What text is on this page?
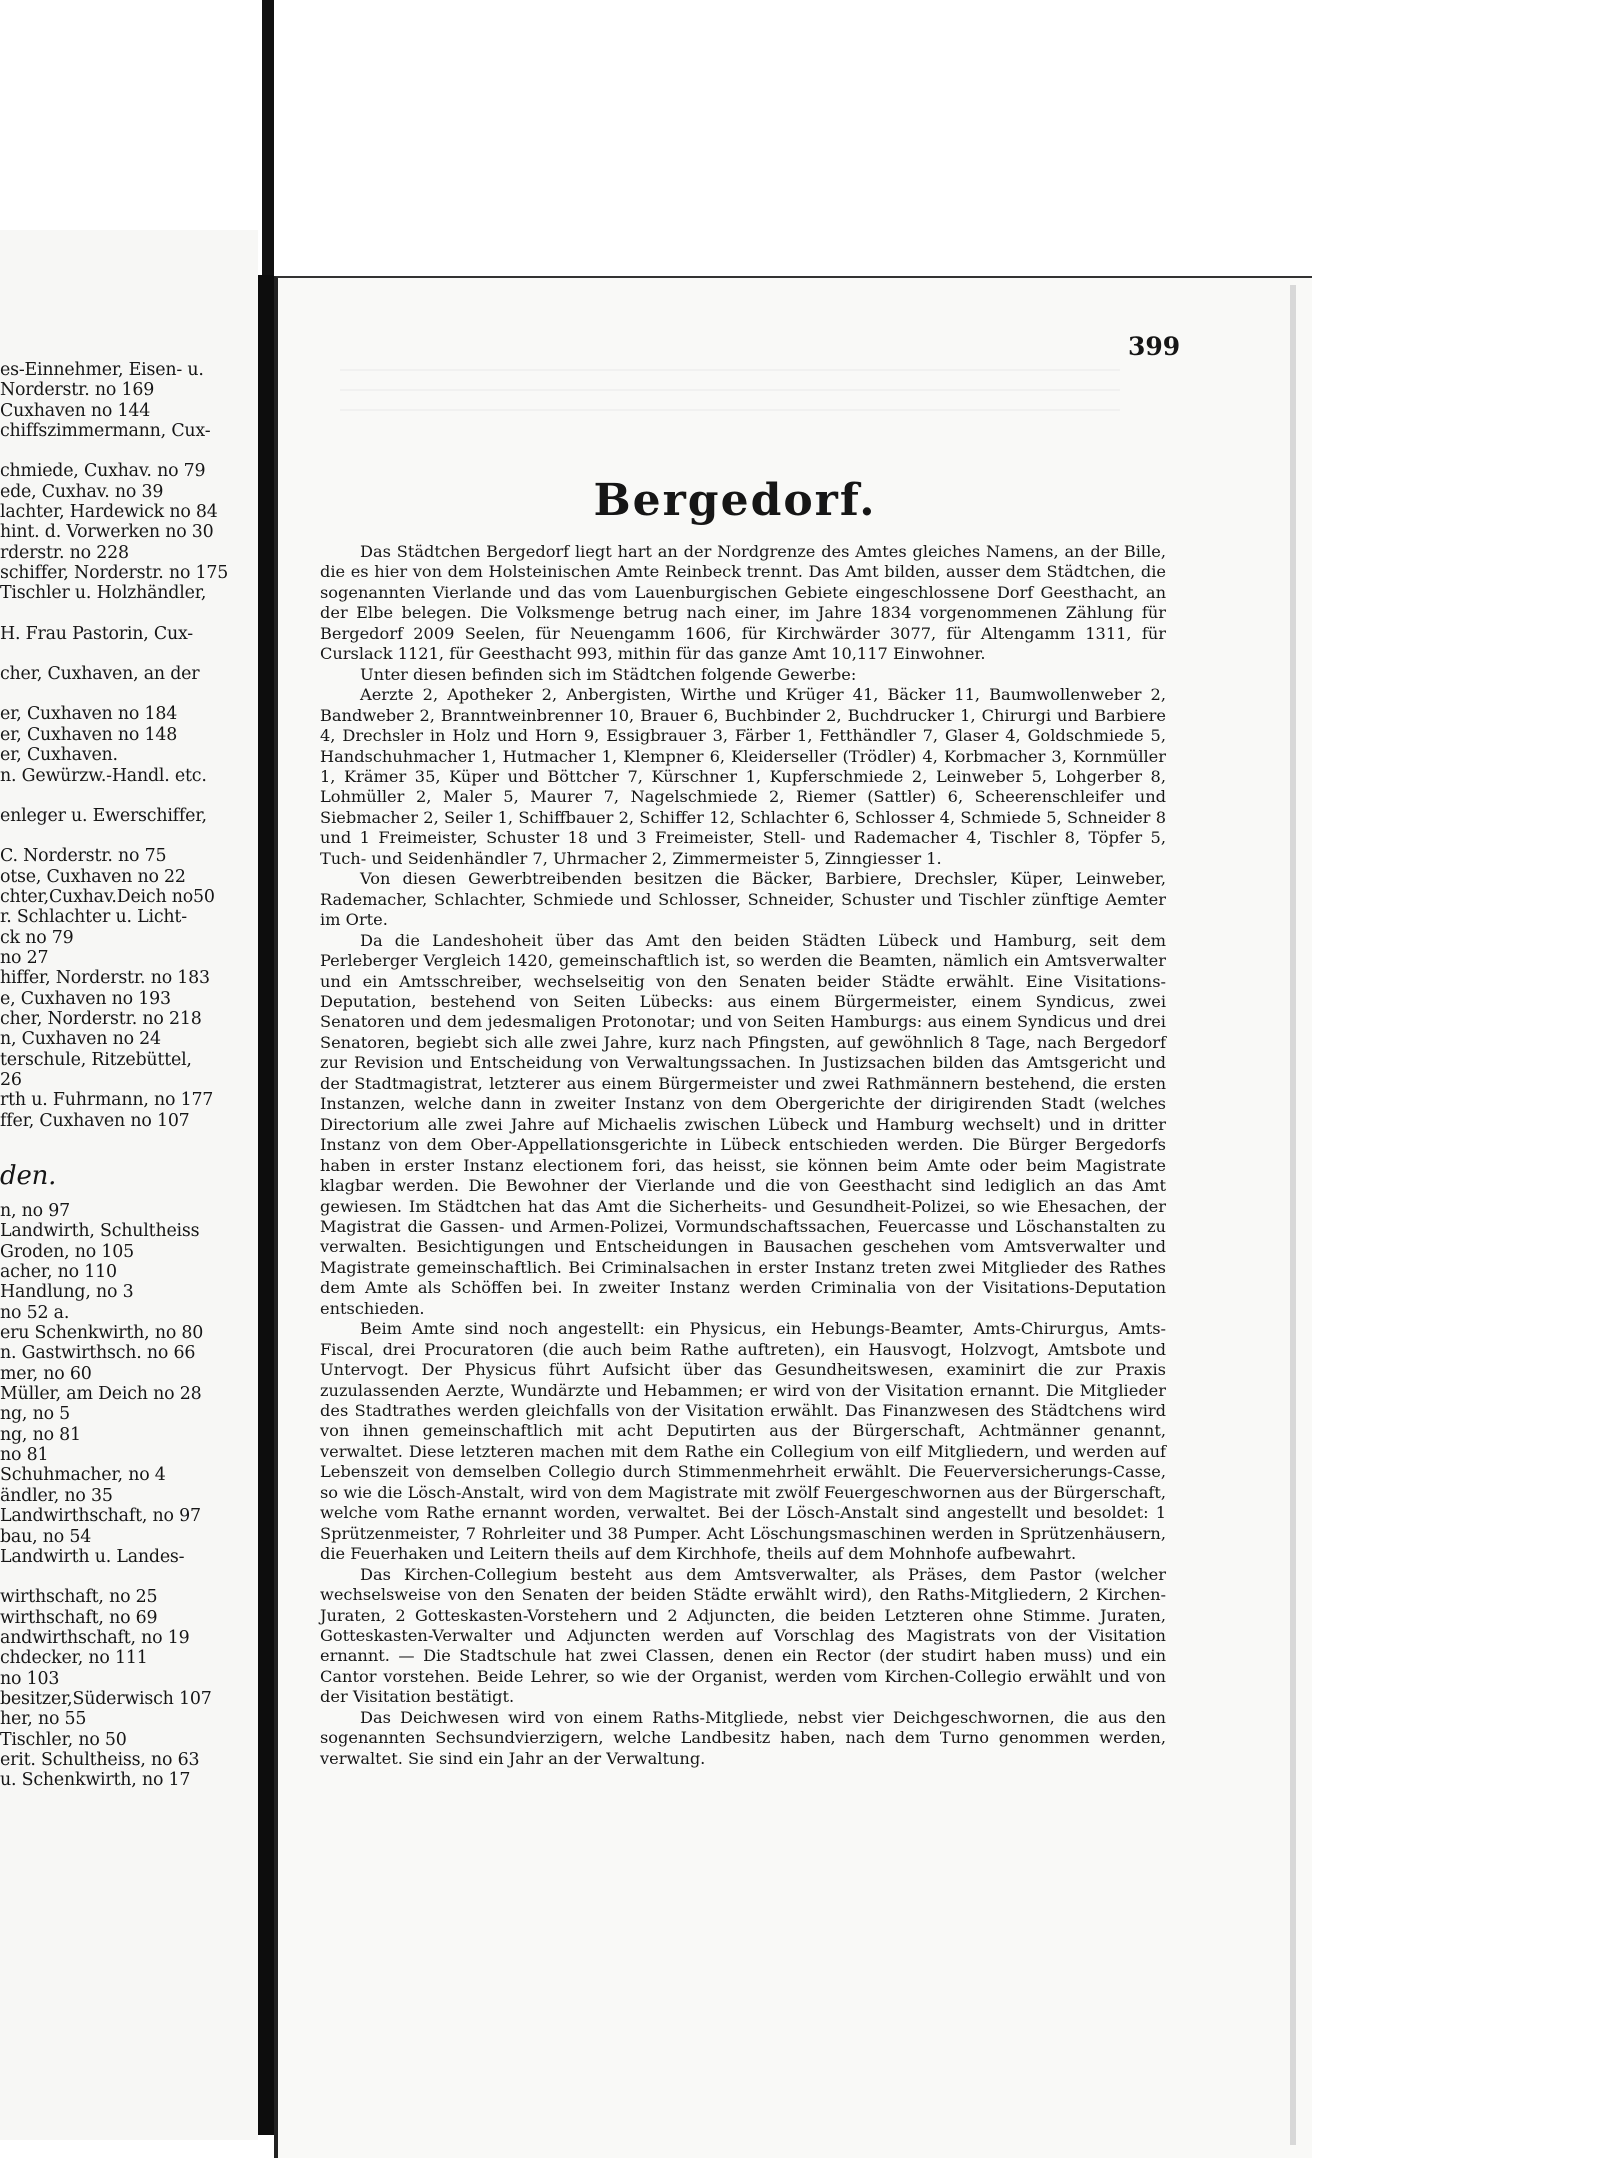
es-Einnehmer, Eisen- u.
Norderstr. no 169
Cuxhaven no 144
chiffszimmermann, Cux-
chmiede, Cuxhav. no 79
ede, Cuxhav. no 39
lachter, Hardewick no 84
hint. d. Vorwerken no 30
rderstr. no 228
schiffer, Norderstr. no 175
Tischler u. Holzhändler,
H. Frau Pastorin, Cux-
cher, Cuxhaven, an der
er, Cuxhaven no 184
er, Cuxhaven no 148
er, Cuxhaven.
n. Gewürzw.-Handl. etc.
enleger u. Ewerschiffer,
C. Norderstr. no 75
otse, Cuxhaven no 22
chter,Cuxhav.Deich no50
r. Schlachter u. Licht-
ck no 79
no 27
hiffer, Norderstr. no 183
e, Cuxhaven no 193
cher, Norderstr. no 218
n, Cuxhaven no 24
terschule, Ritzebüttel,
26
rth u. Fuhrmann, no 177
ffer, Cuxhaven no 107
den.
n, no 97
Landwirth, Schultheiss
Groden, no 105
acher, no 110
Handlung, no 3
no 52 a.
eru Schenkwirth, no 80
n. Gastwirthsch. no 66
mer, no 60
Müller, am Deich no 28
ng, no 5
ng, no 81
no 81
Schuhmacher, no 4
ändler, no 35
Landwirthschaft, no 97
bau, no 54
Landwirth u. Landes-
wirthschaft, no 25
wirthschaft, no 69
andwirthschaft, no 19
chdecker, no 111
no 103
besitzer,Süderwisch 107
her, no 55
Tischler, no 50
erit. Schultheiss, no 63
u. Schenkwirth, no 17
399
Bergedorf.

Das Städtchen Bergedorf liegt hart an der Nordgrenze des Amtes gleiches Namens, an der Bille, die es hier von dem Holsteinischen Amte Reinbeck trennt. Das Amt bilden, ausser dem Städtchen, die sogenannten Vierlande und das vom Lauenburgischen Gebiete eingeschlossene Dorf Geesthacht, an der Elbe belegen. Die Volksmenge betrug nach einer, im Jahre 1834 vorgenommenen Zählung für Bergedorf 2009 Seelen, für Neuengamm 1606, für Kirchwärder 3077, für Altengamm 1311, für Curslack 1121, für Geesthacht 993, mithin für das ganze Amt 10,117 Einwohner.

Unter diesen befinden sich im Städtchen folgende Gewerbe:

Aerzte 2, Apotheker 2, Anbergisten, Wirthe und Krüger 41, Bäcker 11, Baumwollenweber 2, Bandweber 2, Branntweinbrenner 10, Brauer 6, Buchbinder 2, Buchdrucker 1, Chirurgi und Barbiere 4, Drechsler in Holz und Horn 9, Essigbrauer 3, Färber 1, Fetthändler 7, Glaser 4, Goldschmiede 5, Handschuhmacher 1, Hutmacher 1, Klempner 6, Kleiderseller (Trödler) 4, Korbmacher 3, Kornmüller 1, Krämer 35, Küper und Böttcher 7, Kürschner 1, Kupferschmiede 2, Leinweber 5, Lohgerber 8, Lohmüller 2, Maler 5, Maurer 7, Nagelschmiede 2, Riemer (Sattler) 6, Scheerenschleifer und Siebmacher 2, Seiler 1, Schiffbauer 2, Schiffer 12, Schlachter 6, Schlosser 4, Schmiede 5, Schneider 8 und 1 Freimeister, Schuster 18 und 3 Freimeister, Stell- und Rademacher 4, Tischler 8, Töpfer 5, Tuch- und Seidenhändler 7, Uhrmacher 2, Zimmermeister 5, Zinngiesser 1.

Von diesen Gewerbtreibenden besitzen die Bäcker, Barbiere, Drechsler, Küper, Leinweber, Rademacher, Schlachter, Schmiede und Schlosser, Schneider, Schuster und Tischler zünftige Aemter im Orte.

Da die Landeshoheit über das Amt den beiden Städten Lübeck und Hamburg, seit dem Perleberger Vergleich 1420, gemeinschaftlich ist, so werden die Beamten, nämlich ein Amtsverwalter und ein Amtsschreiber, wechselseitig von den Senaten beider Städte erwählt. Eine Visitations-Deputation, bestehend von Seiten Lübecks: aus einem Bürgermeister, einem Syndicus, zwei Senatoren und dem jedesmaligen Protonotar; und von Seiten Hamburgs: aus einem Syndicus und drei Senatoren, begiebt sich alle zwei Jahre, kurz nach Pfingsten, auf gewöhnlich 8 Tage, nach Bergedorf zur Revision und Entscheidung von Verwaltungssachen. In Justizsachen bilden das Amtsgericht und der Stadtmagistrat, letzterer aus einem Bürgermeister und zwei Rathmännern bestehend, die ersten Instanzen, welche dann in zweiter Instanz von dem Obergerichte der dirigirenden Stadt (welches Directorium alle zwei Jahre auf Michaelis zwischen Lübeck und Hamburg wechselt) und in dritter Instanz von dem Ober-Appellationsgerichte in Lübeck entschieden werden. Die Bürger Bergedorfs haben in erster Instanz electionem fori, das heisst, sie können beim Amte oder beim Magistrate klagbar werden. Die Bewohner der Vierlande und die von Geesthacht sind lediglich an das Amt gewiesen. Im Städtchen hat das Amt die Sicherheits- und Gesundheit-Polizei, so wie Ehesachen, der Magistrat die Gassen- und Armen-Polizei, Vormundschaftssachen, Feuercasse und Löschanstalten zu verwalten. Besichtigungen und Entscheidungen in Bausachen geschehen vom Amtsverwalter und Magistrate gemeinschaftlich. Bei Criminalsachen in erster Instanz treten zwei Mitglieder des Rathes dem Amte als Schöffen bei. In zweiter Instanz werden Criminalia von der Visitations-Deputation entschieden.

Beim Amte sind noch angestellt: ein Physicus, ein Hebungs-Beamter, Amts-Chirurgus, Amts-Fiscal, drei Procuratoren (die auch beim Rathe auftreten), ein Hausvogt, Holzvogt, Amtsbote und Untervogt. Der Physicus führt Aufsicht über das Gesundheitswesen, examinirt die zur Praxis zuzulassenden Aerzte, Wundärzte und Hebammen; er wird von der Visitation ernannt. Die Mitglieder des Stadtrathes werden gleichfalls von der Visitation erwählt. Das Finanzwesen des Städtchens wird von ihnen gemeinschaftlich mit acht Deputirten aus der Bürgerschaft, Achtmänner genannt, verwaltet. Diese letzteren machen mit dem Rathe ein Collegium von eilf Mitgliedern, und werden auf Lebenszeit von demselben Collegio durch Stimmenmehrheit erwählt. Die Feuerversicherungs-Casse, so wie die Lösch-Anstalt, wird von dem Magistrate mit zwölf Feuergeschwornen aus der Bürgerschaft, welche vom Rathe ernannt worden, verwaltet. Bei der Lösch-Anstalt sind angestellt und besoldet: 1 Sprützenmeister, 7 Rohrleiter und 38 Pumper. Acht Löschungsmaschinen werden in Sprützenhäusern, die Feuerhaken und Leitern theils auf dem Kirchhofe, theils auf dem Mohnhofe aufbewahrt.

Das Kirchen-Collegium besteht aus dem Amtsverwalter, als Präses, dem Pastor (welcher wechselsweise von den Senaten der beiden Städte erwählt wird), den Raths-Mitgliedern, 2 Kirchen-Juraten, 2 Gotteskasten-Vorstehern und 2 Adjuncten, die beiden Letzteren ohne Stimme. Juraten, Gotteskasten-Verwalter und Adjuncten werden auf Vorschlag des Magistrats von der Visitation ernannt. — Die Stadtschule hat zwei Classen, denen ein Rector (der studirt haben muss) und ein Cantor vorstehen. Beide Lehrer, so wie der Organist, werden vom Kirchen-Collegio erwählt und von der Visitation bestätigt.

Das Deichwesen wird von einem Raths-Mitgliede, nebst vier Deichgeschwornen, die aus den sogenannten Sechsundvierzigern, welche Landbesitz haben, nach dem Turno genommen werden, verwaltet. Sie sind ein Jahr an der Verwaltung.
